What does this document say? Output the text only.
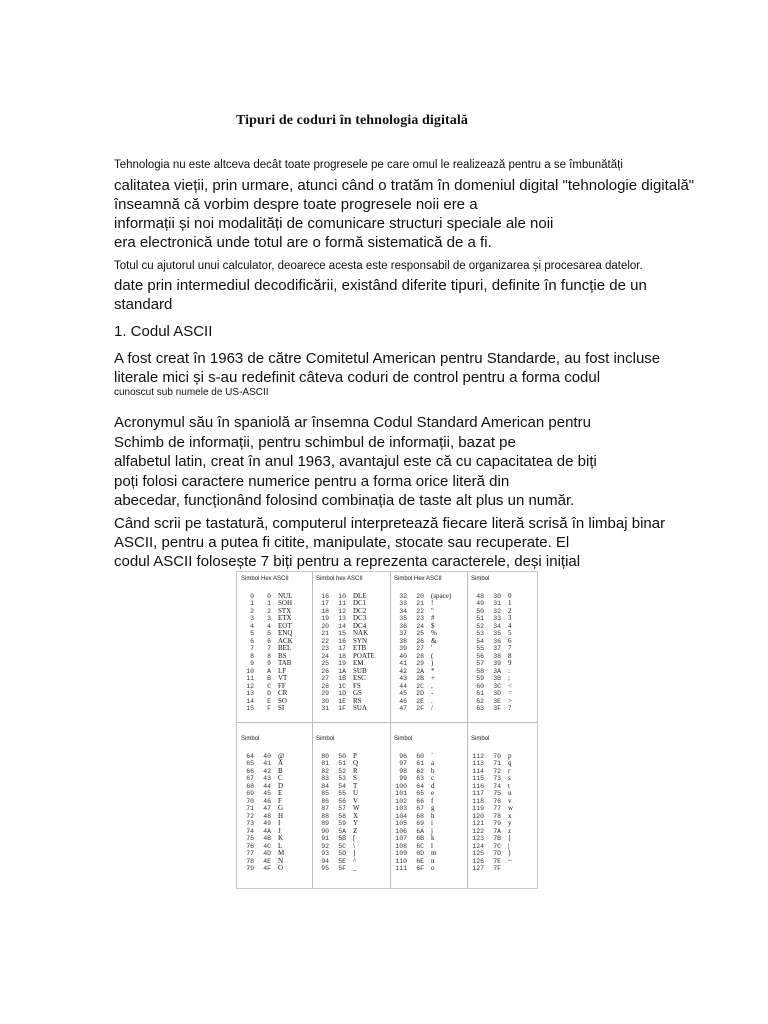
Tipuri de coduri în tehnologia digitală
Tehnologia nu este altceva decât toate progresele pe care omul le realizează pentru a se îmbunătăți
calitatea vieții, prin urmare, atunci când o tratăm în domeniul digital "tehnologie digitală"
înseamnă că vorbim despre toate progresele noii ere a
informații și noi modalități de comunicare structuri speciale ale noii
era electronică unde totul are o formă sistematică de a fi.
Totul cu ajutorul unui calculator, deoarece acesta este responsabil de organizarea și procesarea datelor.
date prin intermediul decodificării, existând diferite tipuri, definite în funcție de un
standard
1. Codul ASCII
A fost creat în 1963 de către Comitetul American pentru Standarde, au fost incluse
literale mici și s-au redefinit câteva coduri de control pentru a forma codul
cunoscut sub numele de US-ASCII
Acronymul său în spaniolă ar însemna Codul Standard American pentru
Schimb de informații, pentru schimbul de informații, bazat pe
alfabetul latin, creat în anul 1963, avantajul este că cu capacitatea de biți
poți folosi caractere numerice pentru a forma orice literă din
abecedar, funcționând folosind combinația de taste alt plus un număr.
Când scrii pe tastatură, computerul interpretează fiecare literă scrisă în limbaj binar
ASCII, pentru a putea fi citite, manipulate, stocate sau recuperate. El
codul ASCII folosește 7 biți pentru a reprezenta caracterele, deși inițial
Simbol Hex ASCII
0	0	NUL
1	1	SOH
2	2	STX
3	3	ETX
4	4	EOT
5	5	ENQ
6	6	ACK
7	7	BEL
8	8	BS
9	9	TAB
10	A	LF
11	B	VT
12	C	FF
13	D	CR
14	E	SO
15	F	SI
Simbol hex ASCII
16	10	DLE
17	11	DC1
18	12	DC2
19	13	DC3
20	14	DC4
21	15	NAK
22	16	SYN
23	17	ETB
24	18	POATE
25	19	EM
26	1A	SUB
27	1B	ESC
28	1C	FS
29	1D	GS
30	1E	RS
31	1F	SUA
Simbol Hex ASCII
32	20	(space)
33	21	!
34	22	"
35	23	#
36	24	$
37	25	%
38	26	&
39	27	'
40	28	(
41	29	)
42	2A	*
43	2B	+
44	2C	,
45	2D	-
46	2E	.
47	2F	/
Simbol
48	30	0
49	31	1
50	32	2
51	33	3
52	34	4
53	35	5
54	36	6
55	37	7
56	38	8
57	39	9
58	3A	:
59	3B	;
60	3C	<
61	3D	=
62	3E	>
63	3F	?
Simbol
64	40	@
65	41	A
66	42	B
67	43	C
68	44	D
69	45	E
70	46	F
71	47	G
72	48	H
73	49	I
74	4A	J
75	4B	K
76	4C	L
77	4D	M
78	4E	N
79	4F	O
Simbol
80	50	P
81	51	Q
82	52	R
83	53	S
84	54	T
85	55	U
86	56	V
87	57	W
88	58	X
89	59	Y
90	5A	Z
91	5B	[
92	5C	\
93	5D	]
94	5E	^
95	5F	_
Simbol
96	60	`
97	61	a
98	62	b
99	63	c
100	64	d
101	65	e
102	66	f
103	67	g
104	68	h
105	69	i
106	6A	j
107	6B	k
108	6C	l
109	6D	m
110	6E	n
111	6F	o
Simbol
112	70	p
113	71	q
114	72	r
115	73	s
116	74	t
117	75	u
118	76	v
119	77	w
120	78	x
121	79	y
122	7A	z
123	7B	{
124	7C	|
125	7D	}
126	7E	~
127	7F
